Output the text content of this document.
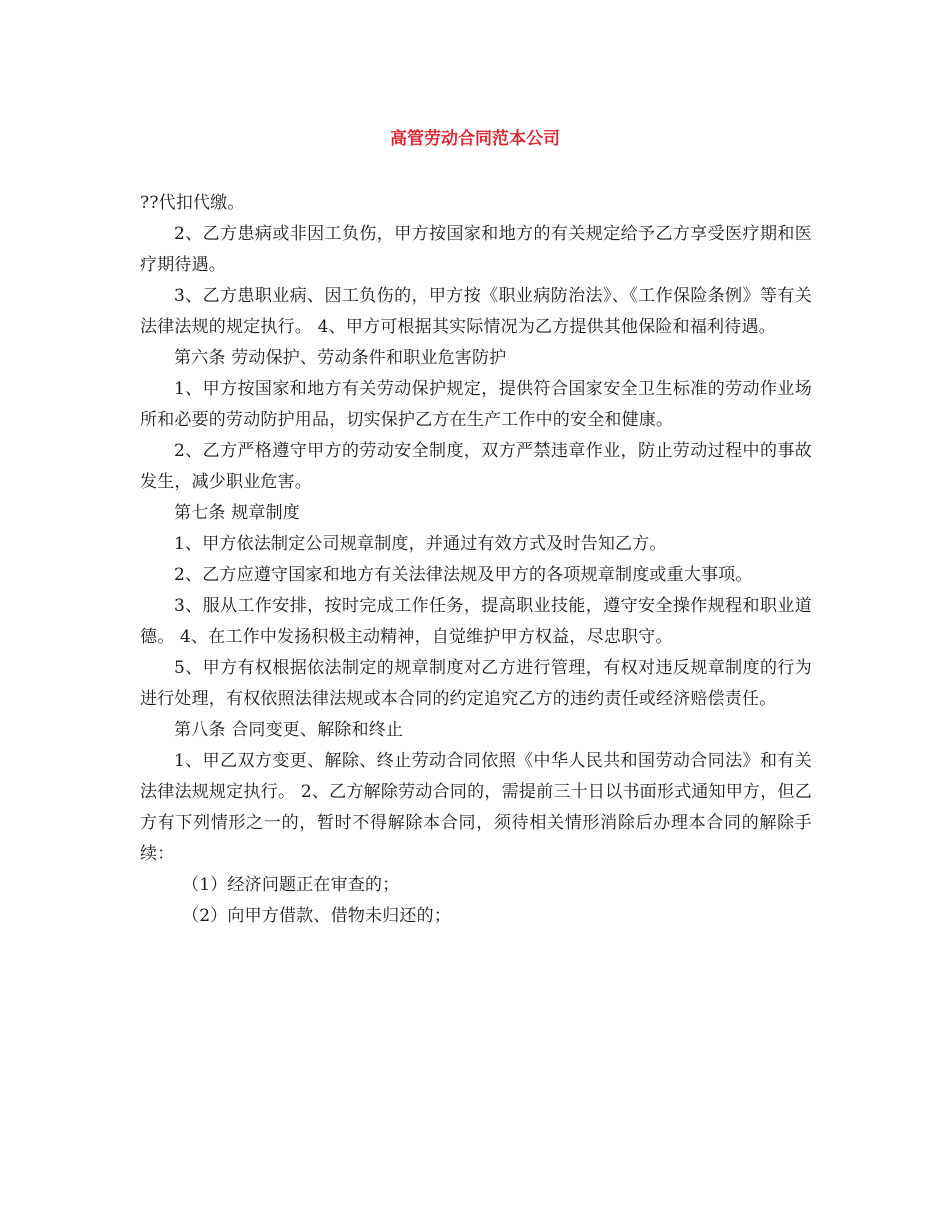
高管劳动合同范本公司

??代扣代缴。

2、乙方患病或非因工负伤，甲方按国家和地方的有关规定给予乙方享受医疗期和医疗期待遇。

3、乙方患职业病、因工负伤的，甲方按《职业病防治法》、《工作保险条例》等有关法律法规的规定执行。 4、甲方可根据其实际情况为乙方提供其他保险和福利待遇。

第六条 劳动保护、劳动条件和职业危害防护

1、甲方按国家和地方有关劳动保护规定，提供符合国家安全卫生标准的劳动作业场所和必要的劳动防护用品，切实保护乙方在生产工作中的安全和健康。

2、乙方严格遵守甲方的劳动安全制度，双方严禁违章作业，防止劳动过程中的事故发生，减少职业危害。

第七条 规章制度

1、甲方依法制定公司规章制度，并通过有效方式及时告知乙方。

2、乙方应遵守国家和地方有关法律法规及甲方的各项规章制度或重大事项。

3、服从工作安排，按时完成工作任务，提高职业技能，遵守安全操作规程和职业道德。 4、在工作中发扬积极主动精神，自觉维护甲方权益，尽忠职守。

5、甲方有权根据依法制定的规章制度对乙方进行管理，有权对违反规章制度的行为进行处理，有权依照法律法规或本合同的约定追究乙方的违约责任或经济赔偿责任。

第八条 合同变更、解除和终止

1、甲乙双方变更、解除、终止劳动合同依照《中华人民共和国劳动合同法》和有关法律法规规定执行。 2、乙方解除劳动合同的，需提前三十日以书面形式通知甲方，但乙方有下列情形之一的，暂时不得解除本合同，须待相关情形消除后办理本合同的解除手续：

（1）经济问题正在审查的；

（2）向甲方借款、借物未归还的；
